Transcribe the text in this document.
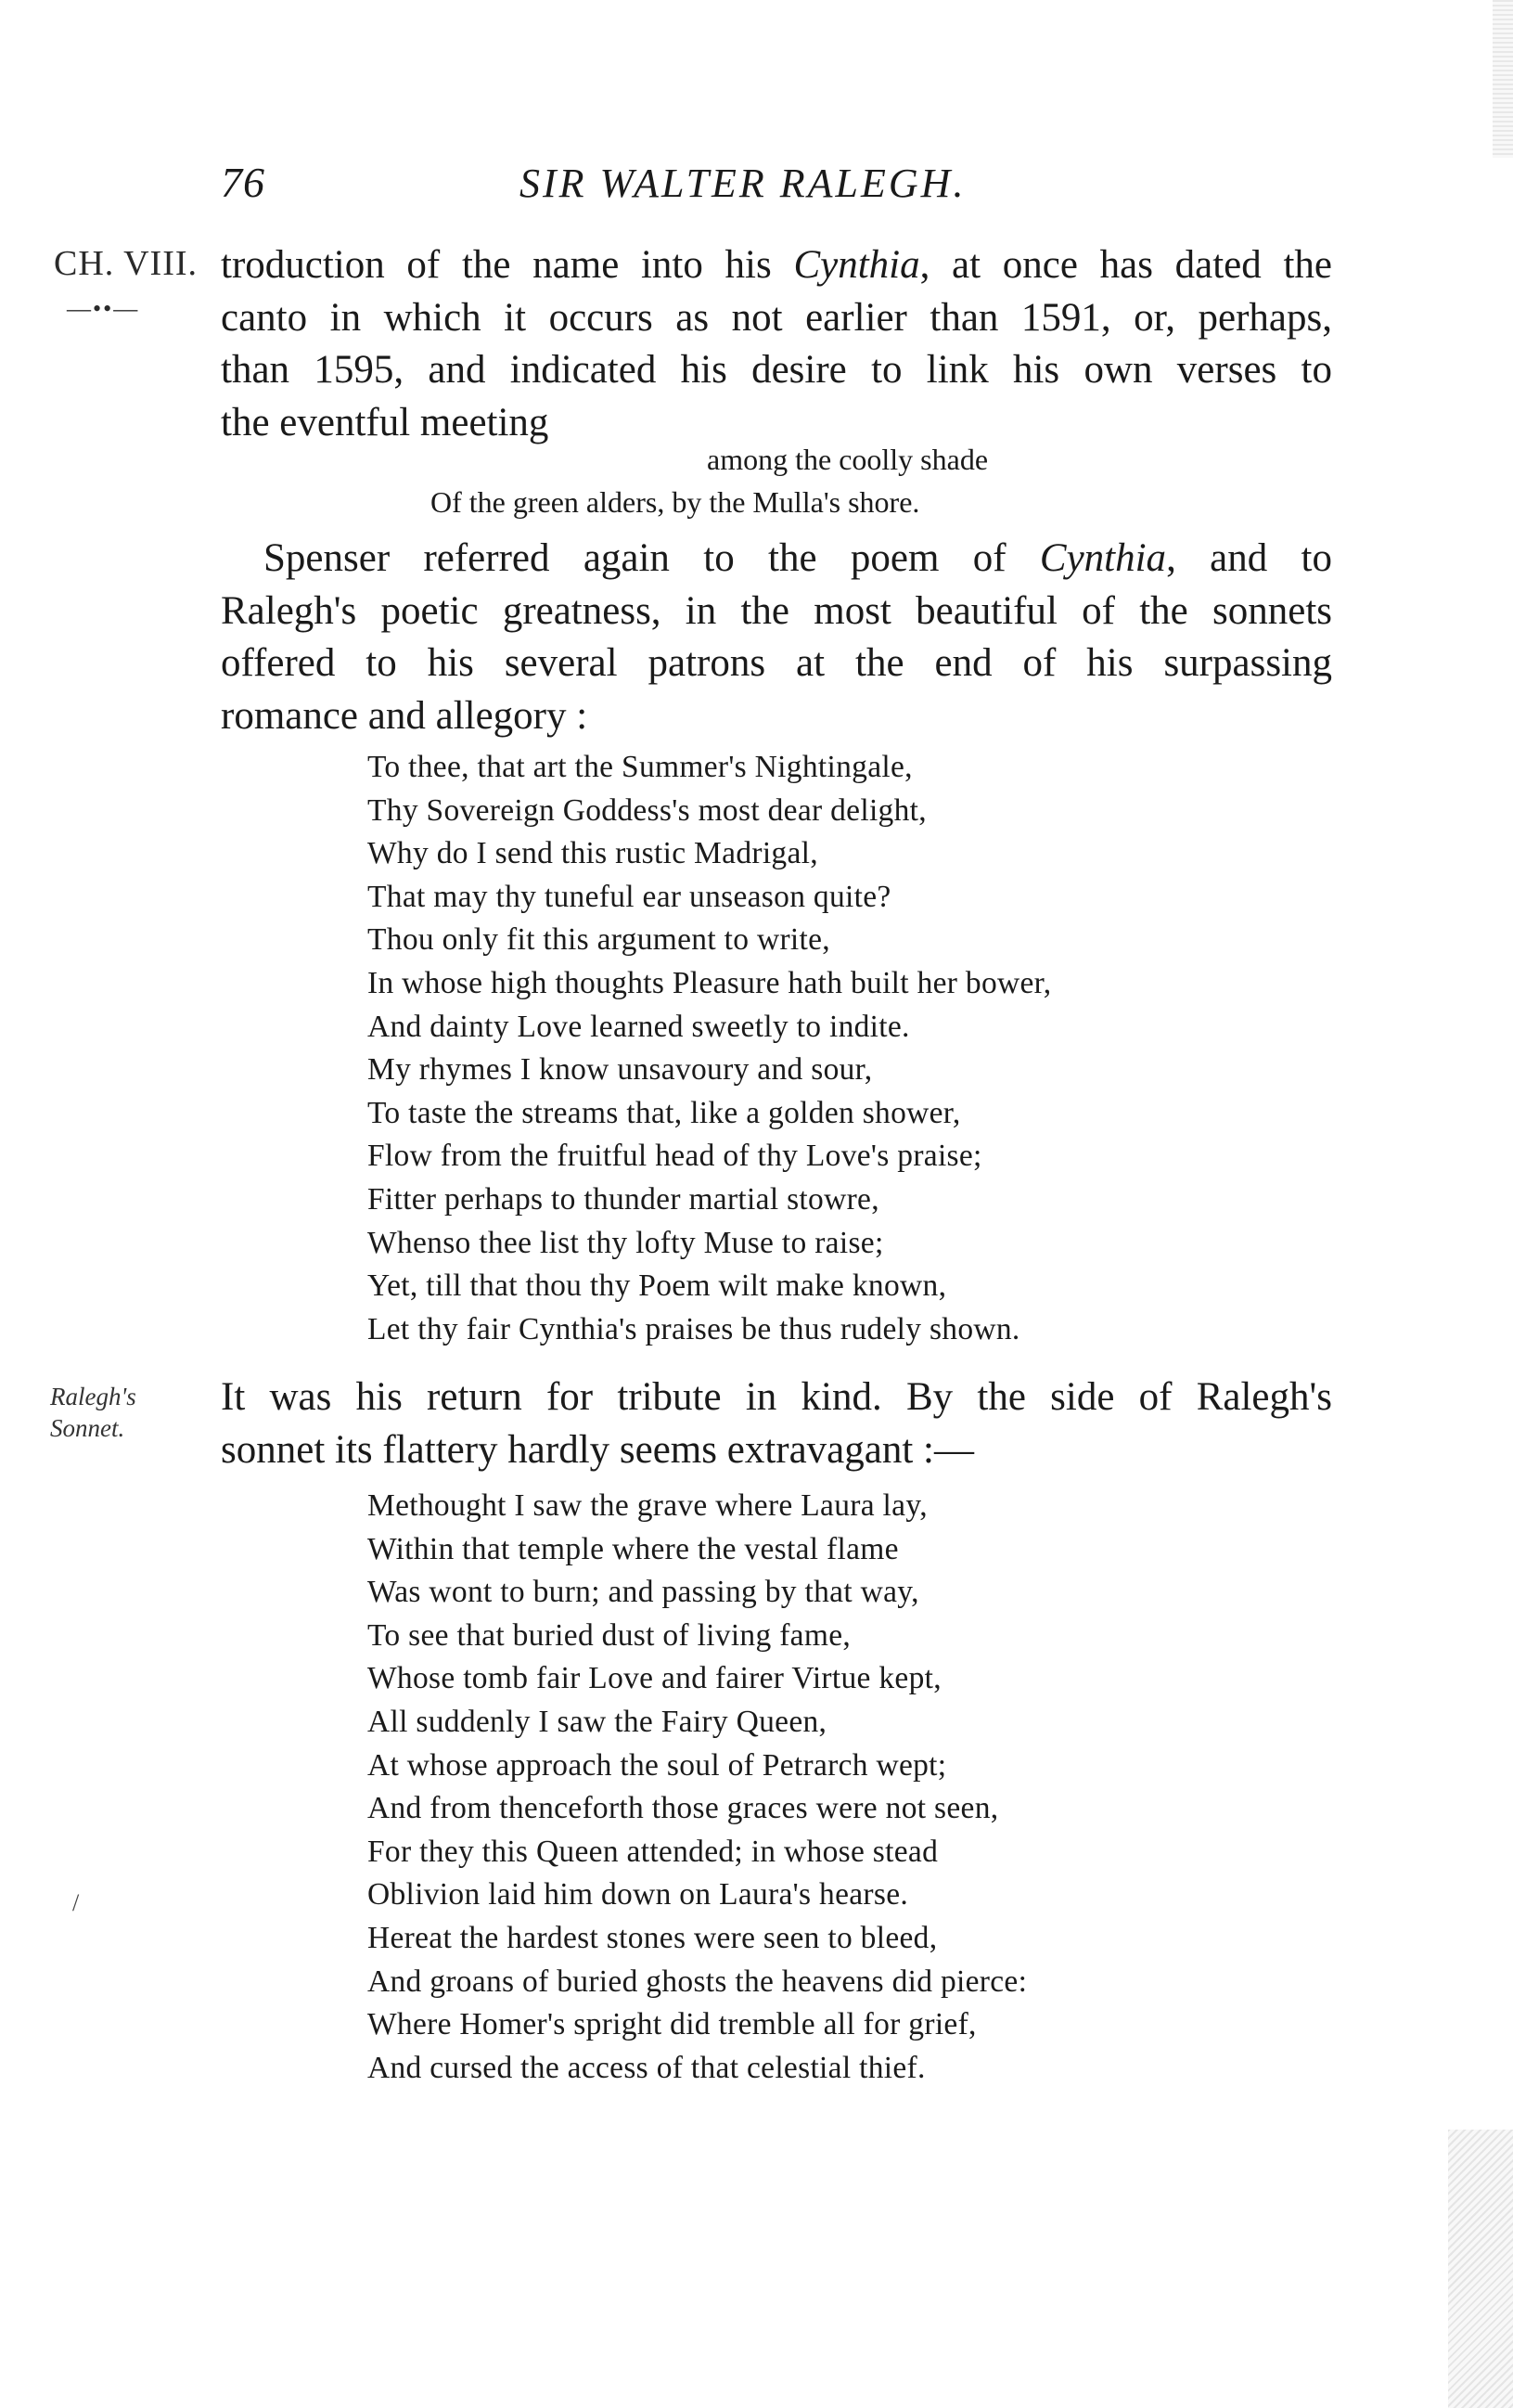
76	SIR WALTER RALEGH.
CH. VIII.
—••—
Ralegh's
Sonnet.
/
troduction of the name into his Cynthia, at once has dated the
canto in which it occurs as not earlier than 1591, or, perhaps,
than 1595, and indicated his desire to link his own verses to
the eventful meeting
among the coolly shade
Of the green alders, by the Mulla's shore.
Spenser referred again to the poem of Cynthia, and to
Ralegh's poetic greatness, in the most beautiful of the sonnets
offered to his several patrons at the end of his surpassing
romance and allegory :
To thee, that art the Summer's Nightingale,
Thy Sovereign Goddess's most dear delight,
Why do I send this rustic Madrigal,
That may thy tuneful ear unseason quite?
Thou only fit this argument to write,
In whose high thoughts Pleasure hath built her bower,
And dainty Love learned sweetly to indite.
My rhymes I know unsavoury and sour,
To taste the streams that, like a golden shower,
Flow from the fruitful head of thy Love's praise;
Fitter perhaps to thunder martial stowre,
Whenso thee list thy lofty Muse to raise;
Yet, till that thou thy Poem wilt make known,
Let thy fair Cynthia's praises be thus rudely shown.
It was his return for tribute in kind. By the side of Ralegh's
sonnet its flattery hardly seems extravagant :—
Methought I saw the grave where Laura lay,
Within that temple where the vestal flame
Was wont to burn; and passing by that way,
To see that buried dust of living fame,
Whose tomb fair Love and fairer Virtue kept,
All suddenly I saw the Fairy Queen,
At whose approach the soul of Petrarch wept;
And from thenceforth those graces were not seen,
For they this Queen attended; in whose stead
Oblivion laid him down on Laura's hearse.
Hereat the hardest stones were seen to bleed,
And groans of buried ghosts the heavens did pierce:
Where Homer's spright did tremble all for grief,
And cursed the access of that celestial thief.
